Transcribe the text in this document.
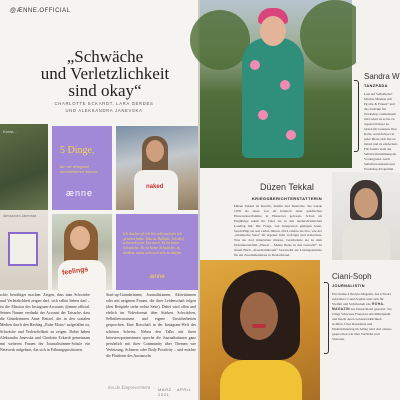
@ÆNNE.OFFICIAL
„Schwäche
und Verletzlichkeit
sind okay“
CHARLOTTE ECKARDT, LARA GERDES
UND ALEKSANDRA JANEVSKA
Kunst...
5 Dinge,
die wir dringend normalisieren müssen
ænne
naked
Alessandra Janevska
feelings
Ich dachte oft ich bin schwach als ich geweint habe. Das ist Bullshit. Ich darf schwach sein. Ein auch. Es ist keine Schwäche. Es ist keine Schwäche, zu denken, meist schwach sein zu dürfen.
ænne
rchiv bewältiger machen. Zeigen, dass man Schwäche und Verletzlichkeit zeigen darf, sich selbst lieben darf – ist die Mission des Instagram-Accounts @ænne.official. Seinen Namen verdankt der Account der Tatsache, dass die Gründerinnen Anne Beitzel, die in den sozialen Medien durch den Hashtag „Ruhe Motto“ aufgefallen ist, Schwäche und Verletzlichkeit zu zeigen. Dabei haben Aleksandra Janevska und Charlotte Eckardt gemeinsam mit weiteren Frauen der Journalistinnen-Schule ein Netzwerk aufgebaut, das sich in Führungspositionen,
Start-up-Gründerinnen, Journalistinnen, Aktivistinnen oder mit neigenen Frauen, die ihrer Leidenschaft folgen (drei Beispiele siehe rechte Seite). Dabei wird offen und ehrlich im Videoformat über Stärken, Schwächen, Selbstbewusstsein und eigene Unsicherheiten gesprochen. Eine Botschaft in der Instagram-Welt des schönen Scheins. Neben den Talks mit ihren Interviewpartnerinnen spreche die Journalistinnen ganz persönlich mit ihrer Community über Themen wie Verletzung, Schmerz oder Body Positivity – und möchte die Plattform des Austauschs
mo.de Empowerment MÄRZ · APRIL 2021
Sandra W
TANZPÄDA
Lust auf Selbstliebe? Möchte Musiker mit Psyche & Frauen" und das Zentrum für Workshop. Gemeinsam mit Leben ist es bis zu eigenen Körper zu lernen für Grenzen. Ihre Rolle, wenn Körper in jeder Phase sich frei zu lieben und zu entdecken. Für Sandra steht die Selbstwahrnehmung im Vordergrund. Auch Selbstbewusstsein und Workshop-Programm
Düzen Tekkal
KRIEGSBERICHTERSTATTERIN
Düzen Tekkal ist Kurdin, Jesidin und Deutsche. Sie wurde 1978 als eines von elf Kindern einer jesidischen Einwandererfamilie in Hannover geboren. Schon als Einjährige nahm ihr Vater sie in den niedersächsischen Landtag mit. Die Frage, wer Integration gelingen kann, beschäftigt sie seit vielen Jahren. 2014 erlebte sie live, wie der „Islamische Staat“ ihr eigenes Volk verfolgte und ermordete. Was sie dort miterleben musste, verarbeitete sie in dem Dokumentarfilm „Hawar – Meine Reise in den Genozid“. In ihrem Buch „#GermanDream“ beschreibt sie Lösungsansätze für ein Zusammenleben in Deutschland.
Ciani-Soph
JOURNALISTIN
Ein Online-Lifestyle-Magazin, das schwarz informiert: Ciani-Sophia setzt sich für Vielfalt und Sichtbarkeit ein. ROHA-MAGAZIN aus Deutschland gestartet. Sie bringt Schwarze Frauen in den Mittelpunkt und macht deren Lebenswirklichkeit sichtbar. Über Rassismus und Diskriminierung im Alltag wird dort ebenso gesprochen wie über Vorbilder und Visionen.
